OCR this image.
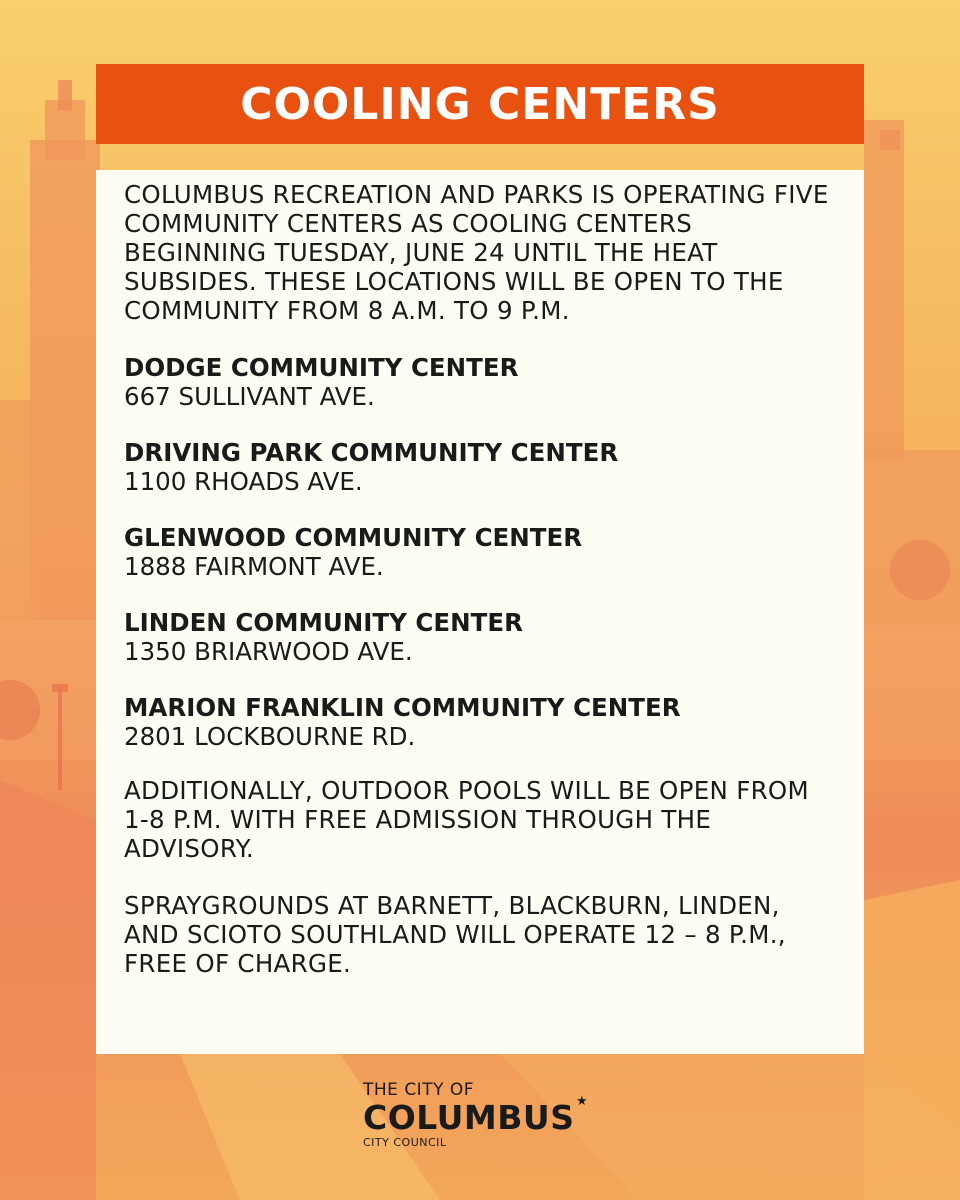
COOLING CENTERS

COLUMBUS RECREATION AND PARKS IS OPERATING FIVE COMMUNITY CENTERS AS COOLING CENTERS BEGINNING TUESDAY, JUNE 24 UNTIL THE HEAT SUBSIDES. THESE LOCATIONS WILL BE OPEN TO THE COMMUNITY FROM 8 A.M. TO 9 P.M.

DODGE COMMUNITY CENTER
667 SULLIVANT AVE.
DRIVING PARK COMMUNITY CENTER
1100 RHOADS AVE.
GLENWOOD COMMUNITY CENTER
1888 FAIRMONT AVE.
LINDEN COMMUNITY CENTER
1350 BRIARWOOD AVE.
MARION FRANKLIN COMMUNITY CENTER
2801 LOCKBOURNE RD.

ADDITIONALLY, OUTDOOR POOLS WILL BE OPEN FROM 1-8 P.M. WITH FREE ADMISSION THROUGH THE ADVISORY.

SPRAYGROUNDS AT BARNETT, BLACKBURN, LINDEN, AND SCIOTO SOUTHLAND WILL OPERATE 12 – 8 P.M., FREE OF CHARGE.

THE CITY OF
COLUMBUS
CITY COUNCIL
★
